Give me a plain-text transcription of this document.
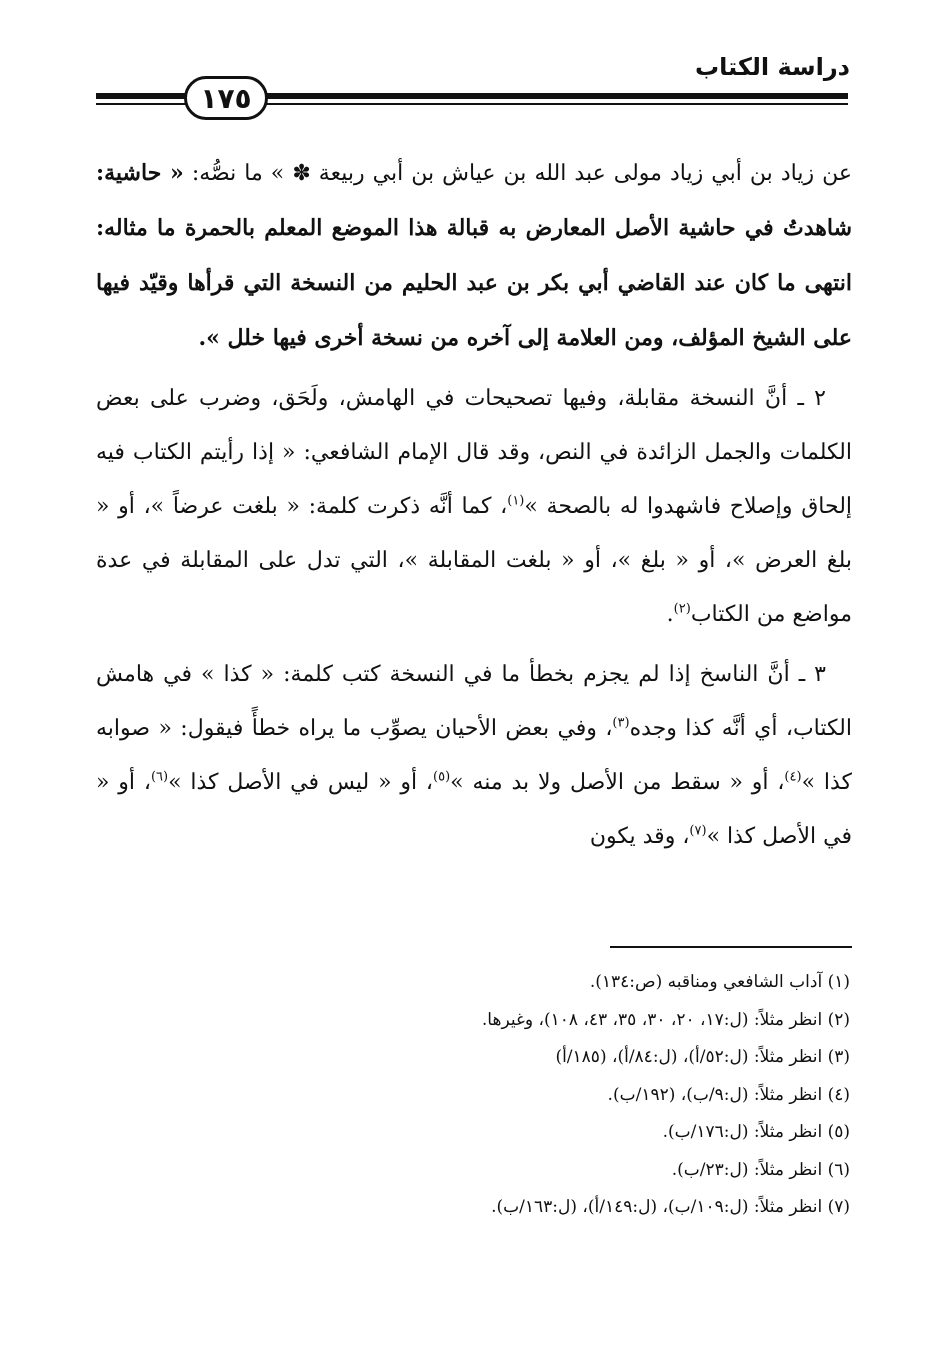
دراسة الكتاب
١٧٥

عن زياد بن أبي زياد مولى عبد الله بن عياش بن أبي ربيعة ✽ » ما نصُّه: « حاشية: شاهدتُ في حاشية الأصل المعارض به قبالة هذا الموضع المعلم بالحمرة ما مثاله: انتهى ما كان عند القاضي أبي بكر بن عبد الحليم من النسخة التي قرأها وقيّد فيها على الشيخ المؤلف، ومن العلامة إلى آخره من نسخة أخرى فيها خلل ».

٢ ـ أنَّ النسخة مقابلة، وفيها تصحيحات في الهامش، ولَحَق، وضرب على بعض الكلمات والجمل الزائدة في النص، وقد قال الإمام الشافعي: « إذا رأيتم الكتاب فيه إلحاق وإصلاح فاشهدوا له بالصحة »$^{(١)}$، كما أنَّه ذكرت كلمة: « بلغت عرضاً »، أو « بلغ العرض »، أو « بلغ »، أو « بلغت المقابلة »، التي تدل على المقابلة في عدة مواضع من الكتاب$^{(٢)}$.

٣ ـ أنَّ الناسخ إذا لم يجزم بخطأ ما في النسخة كتب كلمة: « كذا » في هامش الكتاب، أي أنَّه كذا وجده$^{(٣)}$، وفي بعض الأحيان يصوِّب ما يراه خطأً فيقول: « صوابه كذا »$^{(٤)}$، أو « سقط من الأصل ولا بد منه »$^{(٥)}$، أو « ليس في الأصل كذا »$^{(٦)}$، أو « في الأصل كذا »$^{(٧)}$، وقد يكون

(١) آداب الشافعي ومناقبه (ص:١٣٤).
(٢) انظر مثلاً: (ل:١٧، ٢٠، ٣٠، ٣٥، ٤٣، ١٠٨)، وغيرها.
(٣) انظر مثلاً: (ل:٥٢/أ)، (ل:٨٤/أ)، (١٨٥/أ)
(٤) انظر مثلاً: (ل:٩/ب)، (١٩٢/ب).
(٥) انظر مثلاً: (ل:١٧٦/ب).
(٦) انظر مثلاً: (ل:٢٣/ب).
(٧) انظر مثلاً: (ل:١٠٩/ب)، (ل:١٤٩/أ)، (ل:١٦٣/ب).
